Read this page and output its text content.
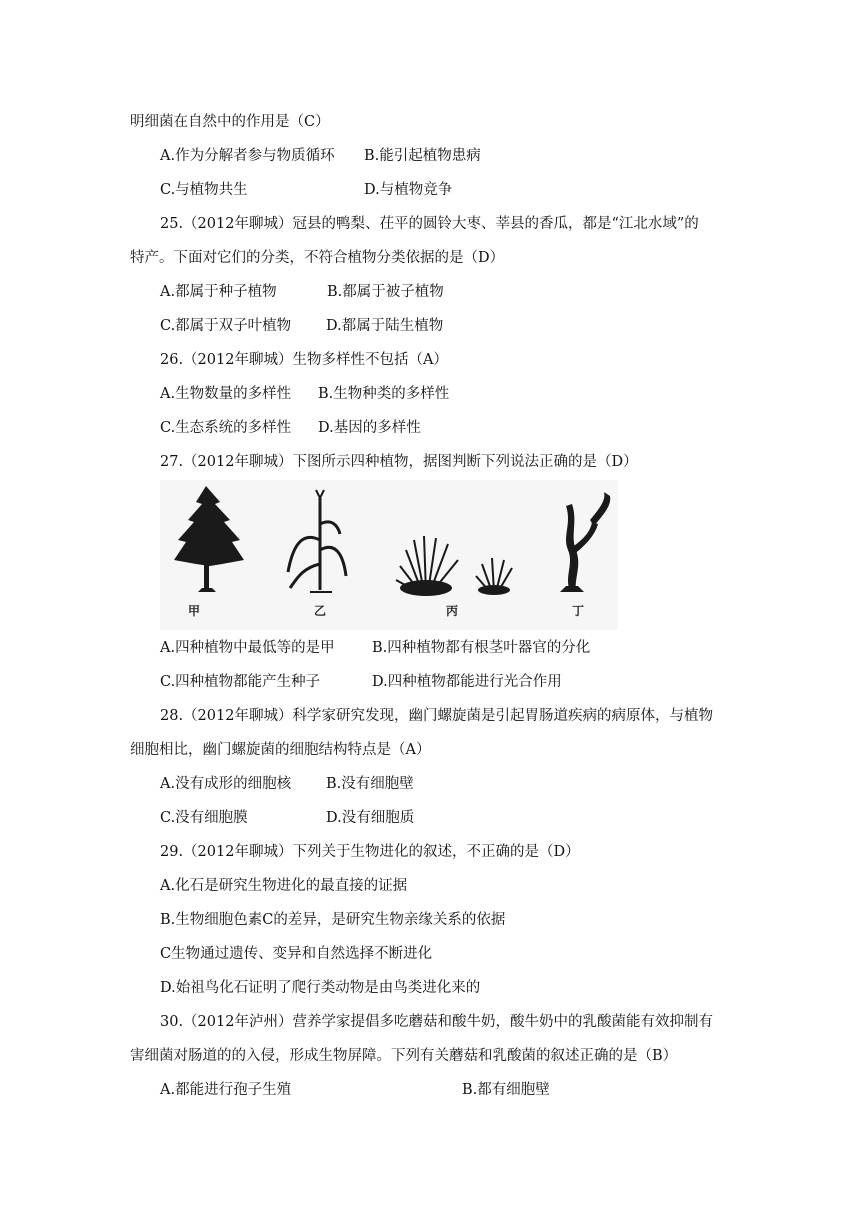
明细菌在自然中的作用是（C）
A.作为分解者参与物质循环 B.能引起植物患病
C.与植物共生	D.与植物竞争
25.（2012年聊城）冠县的鸭梨、茌平的圆铃大枣、莘县的香瓜，都是“江北水域”的
特产。下面对它们的分类，不符合植物分类依据的是（D）
A.都属于种子植物	B.都属于被子植物
C.都属于双子叶植物 D.都属于陆生植物
26.（2012年聊城）生物多样性不包括（A）
A.生物数量的多样性 B.生物种类的多样性
C.生态系统的多样性 D.基因的多样性
27.（2012年聊城）下图所示四种植物，据图判断下列说法正确的是（D）
甲	乙	丙	丁
A.四种植物中最低等的是甲	B.四种植物都有根茎叶器官的分化
C.四种植物都能产生种子	D.四种植物都能进行光合作用
28.（2012年聊城）科学家研究发现，幽门螺旋菌是引起胃肠道疾病的病原体，与植物
细胞相比，幽门螺旋菌的细胞结构特点是（A）
A.没有成形的细胞核 B.没有细胞壁
C.没有细胞膜	D.没有细胞质
29.（2012年聊城）下列关于生物进化的叙述，不正确的是（D）
A.化石是研究生物进化的最直接的证据
B.生物细胞色素C的差异，是研究生物亲缘关系的依据
C生物通过遗传、变异和自然选择不断进化
D.始祖鸟化石证明了爬行类动物是由鸟类进化来的
30.（2012年泸州）营养学家提倡多吃蘑菇和酸牛奶，酸牛奶中的乳酸菌能有效抑制有
害细菌对肠道的的入侵，形成生物屏障。下列有关蘑菇和乳酸菌的叙述正确的是（B）
A.都能进行孢子生殖	B.都有细胞壁
